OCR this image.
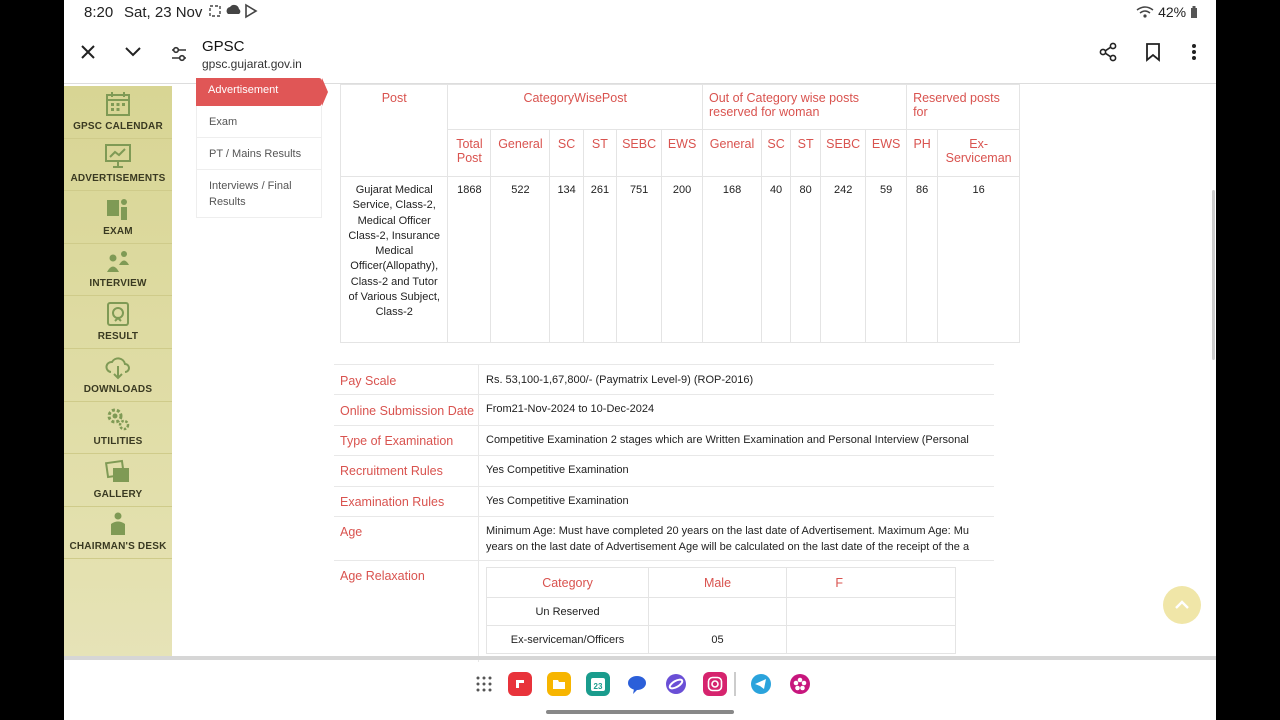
8:20 Sat, 23 Nov	42%
GPSC
gpsc.gujarat.gov.in
GPSC CALENDAR
ADVERTISEMENTS
EXAM
INTERVIEW
RESULT
DOWNLOADS
UTILITIES
GALLERY
CHAIRMAN'S DESK
Advertisement
Exam
PT / Mains Results
Interviews / Final Results
Post	CategoryWisePost						Out of Category wise posts reserved for woman					Reserved posts for	
	Total Post	General	SC	ST	SEBC	EWS	General	SC	ST	SEBC	EWS	PH	Ex-Serviceman
Gujarat Medical Service, Class-2, Medical Officer Class-2, Insurance Medical Officer(Allopathy), Class-2 and Tutor of Various Subject, Class-2	1868	522	134	261	751	200	168	40	80	242	59	86	16
Pay Scale	Rs. 53,100-1,67,800/- (Paymatrix Level-9) (ROP-2016)
Online Submission Date From21-Nov-2024 to 10-Dec-2024
Type of Examination	Competitive Examination 2 stages which are Written Examination and Personal Interview (Personal
Recruitment Rules	Yes Competitive Examination
Examination Rules	Yes Competitive Examination
Age	Minimum Age: Must have completed 20 years on the last date of Advertisement. Maximum Age: Mu
years on the last date of Advertisement Age will be calculated on the last date of the receipt of the a
Age Relaxation	Category	Male	F
Un Reserved		
Ex-serviceman/Officers	05	
23
